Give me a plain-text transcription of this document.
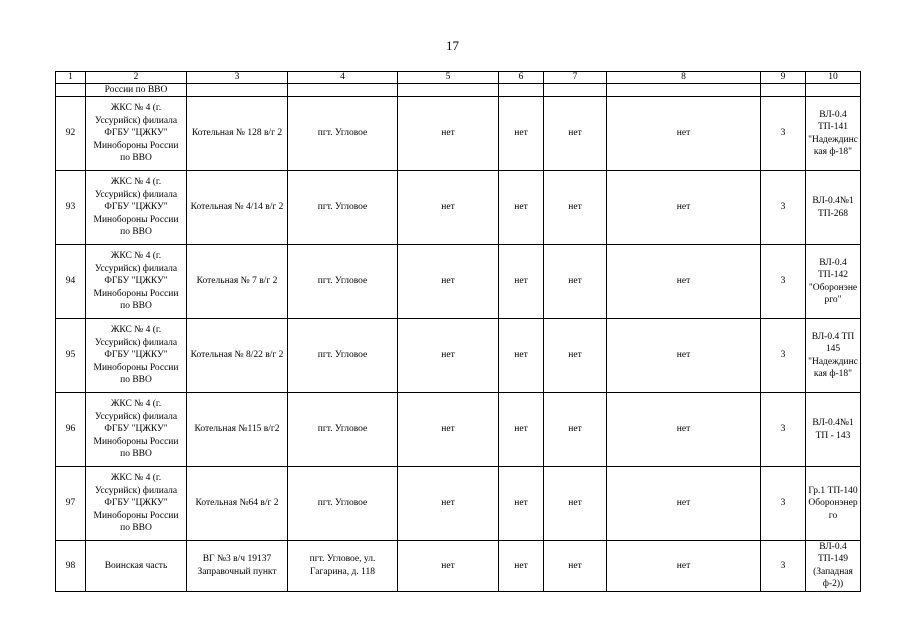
17
1	2	3	4	5	6	7	8	9	10
	России по ВВО								
92	ЖКС № 4 (г. Уссурийск) филиала ФГБУ "ЦЖКУ" Минобороны России по ВВО	Котельная № 128 в/г 2	пгт. Угловое	нет	нет	нет	нет	3	ВЛ-0.4 ТП-141 "Надеждинская ф-18"
93	ЖКС № 4 (г. Уссурийск) филиала ФГБУ "ЦЖКУ" Минобороны России по ВВО	Котельная № 4/14 в/г 2	пгт. Угловое	нет	нет	нет	нет	3	ВЛ-0.4№1 ТП-268
94	ЖКС № 4 (г. Уссурийск) филиала ФГБУ "ЦЖКУ" Минобороны России по ВВО	Котельная № 7 в/г 2	пгт. Угловое	нет	нет	нет	нет	3	ВЛ-0.4 ТП-142 "Оборонэнерго"
95	ЖКС № 4 (г. Уссурийск) филиала ФГБУ "ЦЖКУ" Минобороны России по ВВО	Котельная № 8/22 в/г 2	пгт. Угловое	нет	нет	нет	нет	3	ВЛ-0.4 ТП 145 "Надеждинская ф-18"
96	ЖКС № 4 (г. Уссурийск) филиала ФГБУ "ЦЖКУ" Минобороны России по ВВО	Котельная №115 в/г2	пгт. Угловое	нет	нет	нет	нет	3	ВЛ-0.4№1 ТП - 143
97	ЖКС № 4 (г. Уссурийск) филиала ФГБУ "ЦЖКУ" Минобороны России по ВВО	Котельная №64 в/г 2	пгт. Угловое	нет	нет	нет	нет	3	Гр.1 ТП-140 Оборонэнерго
98	Воинская часть	ВГ №3 в/ч 19137 Заправочный пункт	пгт. Угловое, ул. Гагарина, д. 118	нет	нет	нет	нет	3	ВЛ-0.4 ТП-149 (Западная ф-2))
